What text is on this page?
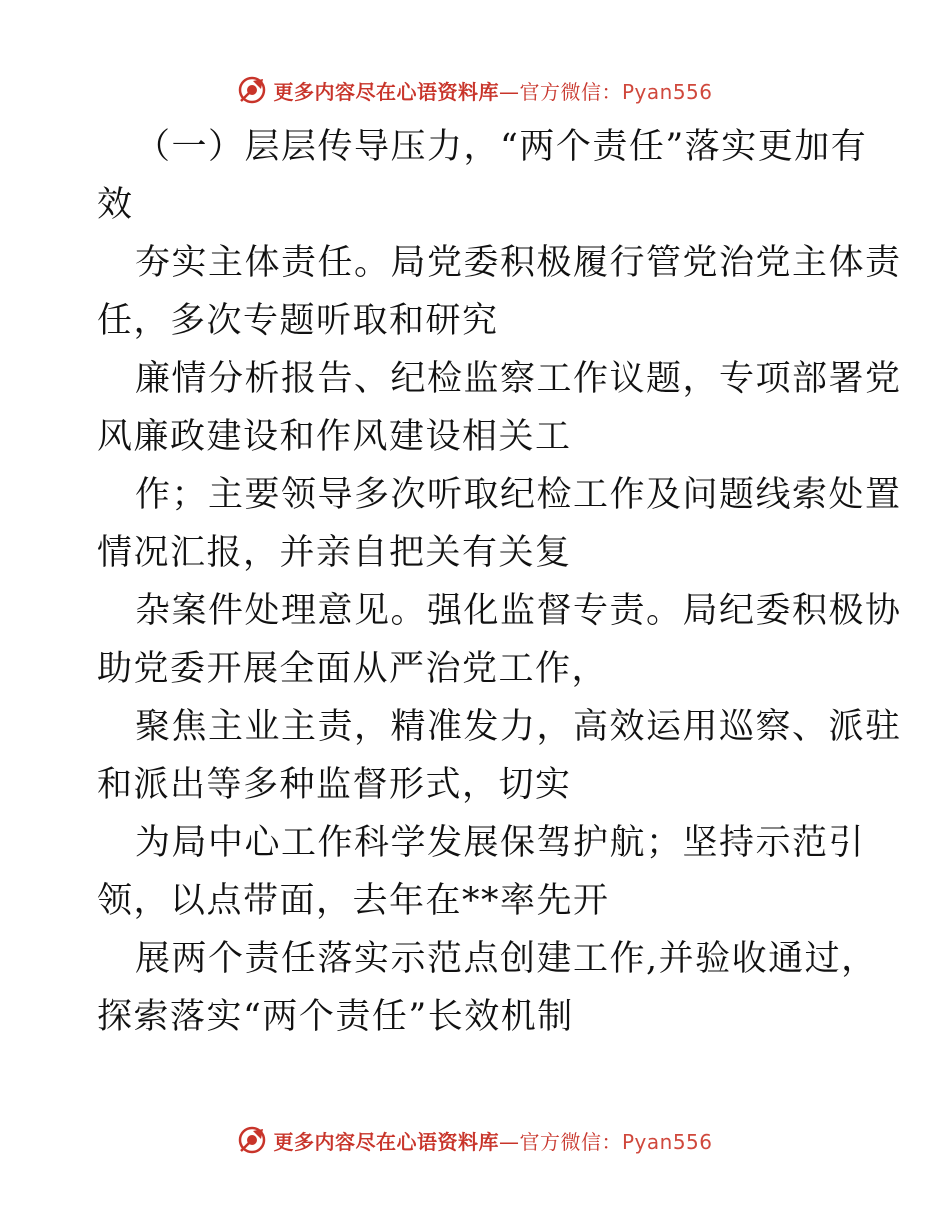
更多内容尽在心语资料库—官方微信：Pyan556
（一）层层传导压力，“两个责任”落实更加有
效
夯实主体责任。局党委积极履行管党治党主体责
任，多次专题听取和研究
廉情分析报告、纪检监察工作议题，专项部署党
风廉政建设和作风建设相关工
作；主要领导多次听取纪检工作及问题线索处置
情况汇报，并亲自把关有关复
杂案件处理意见。强化监督专责。局纪委积极协
助党委开展全面从严治党工作，
聚焦主业主责，精准发力，高效运用巡察、派驻
和派出等多种监督形式，切实
为局中心工作科学发展保驾护航；坚持示范引
领，以点带面，去年在**率先开
展两个责任落实示范点创建工作,并验收通过，
探索落实“两个责任”长效机制
更多内容尽在心语资料库—官方微信：Pyan556
